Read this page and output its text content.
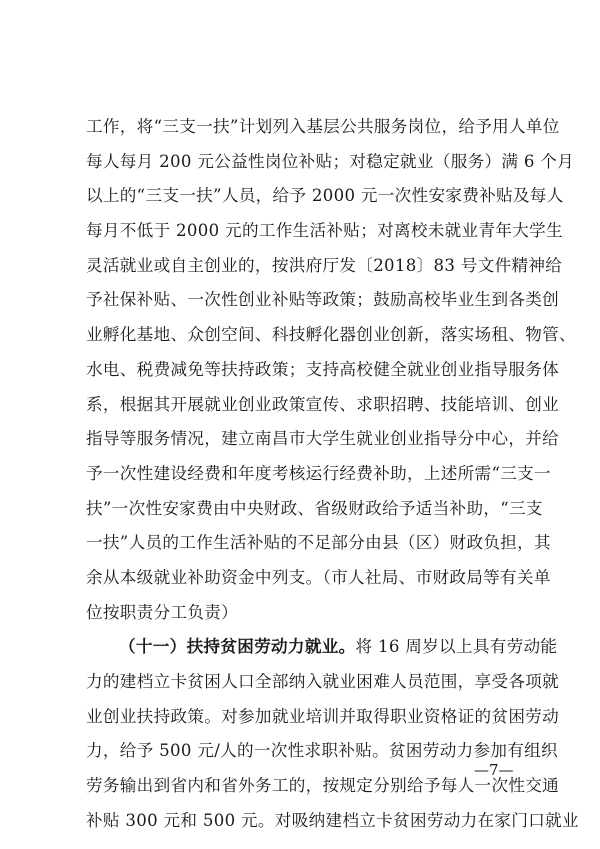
工作，将“三支一扶”计划列入基层公共服务岗位，给予用人单位
每人每月 200 元公益性岗位补贴；对稳定就业（服务）满 6 个月
以上的“三支一扶”人员，给予 2000 元一次性安家费补贴及每人
每月不低于 2000 元的工作生活补贴；对离校未就业青年大学生
灵活就业或自主创业的，按洪府厅发〔2018〕83 号文件精神给
予社保补贴、一次性创业补贴等政策；鼓励高校毕业生到各类创
业孵化基地、众创空间、科技孵化器创业创新，落实场租、物管、
水电、税费减免等扶持政策；支持高校健全就业创业指导服务体
系，根据其开展就业创业政策宣传、求职招聘、技能培训、创业
指导等服务情况，建立南昌市大学生就业创业指导分中心，并给
予一次性建设经费和年度考核运行经费补助，上述所需“三支一
扶”一次性安家费由中央财政、省级财政给予适当补助，“三支
一扶”人员的工作生活补贴的不足部分由县（区）财政负担，其
余从本级就业补助资金中列支。（市人社局、市财政局等有关单
位按职责分工负责）
（十一）扶持贫困劳动力就业。将 16 周岁以上具有劳动能
力的建档立卡贫困人口全部纳入就业困难人员范围，享受各项就
业创业扶持政策。对参加就业培训并取得职业资格证的贫困劳动
力，给予 500 元/人的一次性求职补贴。贫困劳动力参加有组织
劳务输出到省内和省外务工的，按规定分别给予每人一次性交通
补贴 300 元和 500 元。对吸纳建档立卡贫困劳动力在家门口就业
—7—
